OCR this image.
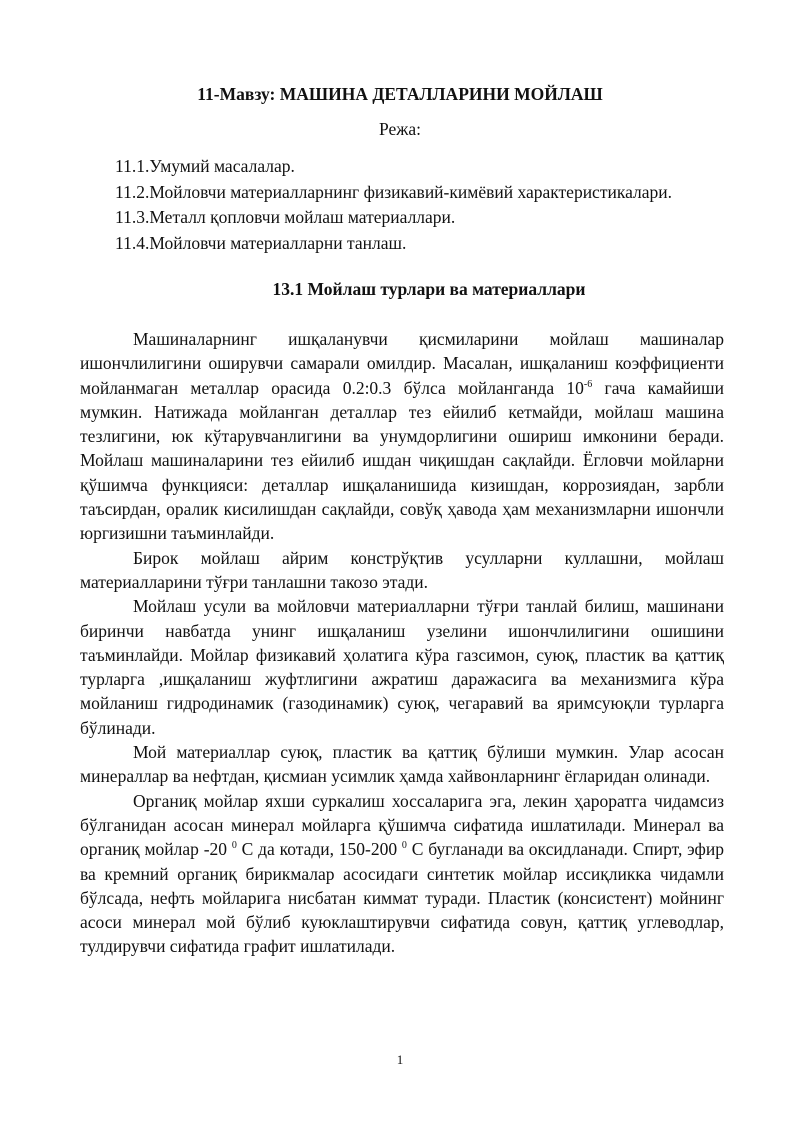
11-Мавзу: МАШИНА ДЕТАЛЛАРИНИ МОЙЛАШ
Режа:
11.1.Умумий масалалар.
11.2.Мойловчи материалларнинг физикавий-кимёвий характеристикалари.
11.3.Металл қопловчи мойлаш материаллари.
11.4.Мойловчи материалларни танлаш.
13.1 Мойлаш турлари ва материаллари

Машиналарнинг ишқаланувчи қисмиларини мойлаш машиналар ишончлилигини оширувчи самарали омилдир. Масалан, ишқаланиш коэффициенти мойланмаган металлар орасида 0.2:0.3 бўлса мойланганда $10^{-6}$ гача камайиши мумкин. Натижада мойланган деталлар тез ейилиб кетмайди, мойлаш машина тезлигини, юк кўтарувчанлигини ва унумдорлигини ошириш имконини беради. Мойлаш машиналарини тез ейилиб ишдан чиқишдан сақлайди. Ёгловчи мойларни қўшимча функцияси: деталлар ишқаланишида кизишдан, коррозиядан, зарбли таъсирдан, оралик кисилишдан сақлайди, совўқ ҳавода ҳам механизмларни ишончли юргизишни таъминлайди.

Бирок мойлаш айрим констрўқтив усулларни куллашни, мойлаш материалларини тўғри танлашни такозо этади.

Мойлаш усули ва мойловчи материалларни тўғри танлай билиш, машинани биринчи навбатда унинг ишқаланиш узелини ишончлилигини ошишини таъминлайди. Мойлар физикавий ҳолатига кўра газсимон, суюқ, пластик ва қаттиқ турларга ,ишқаланиш жуфтлигини ажратиш даражасига ва механизмига кўра мойланиш гидродинамик (газодинамик) суюқ, чегаравий ва яримсуюқли турларга бўлинади.

Мой материаллар суюқ, пластик ва қаттиқ бўлиши мумкин. Улар асосан минераллар ва нефтдан, қисмиан усимлик ҳамда хайвонларнинг ёгларидан олинади.

Органиқ мойлар яхши суркалиш хоссаларига эга, лекин ҳароратга чидамсиз бўлганидан асосан минерал мойларга қўшимча сифатида ишлатилади. Минерал ва органиқ мойлар -20 $^0$ С да котади, 150-200 $^0$ С бугланади ва оксидланади. Спирт, эфир ва кремний органиқ бирикмалар асосидаги синтетик мойлар иссиқликка чидамли бўлсада, нефть мойларига нисбатан киммат туради. Пластик (консистент) мойнинг асоси минерал мой бўлиб куюклаштирувчи сифатида совун, қаттиқ углеводлар, тулдирувчи сифатида графит ишлатилади.

1
